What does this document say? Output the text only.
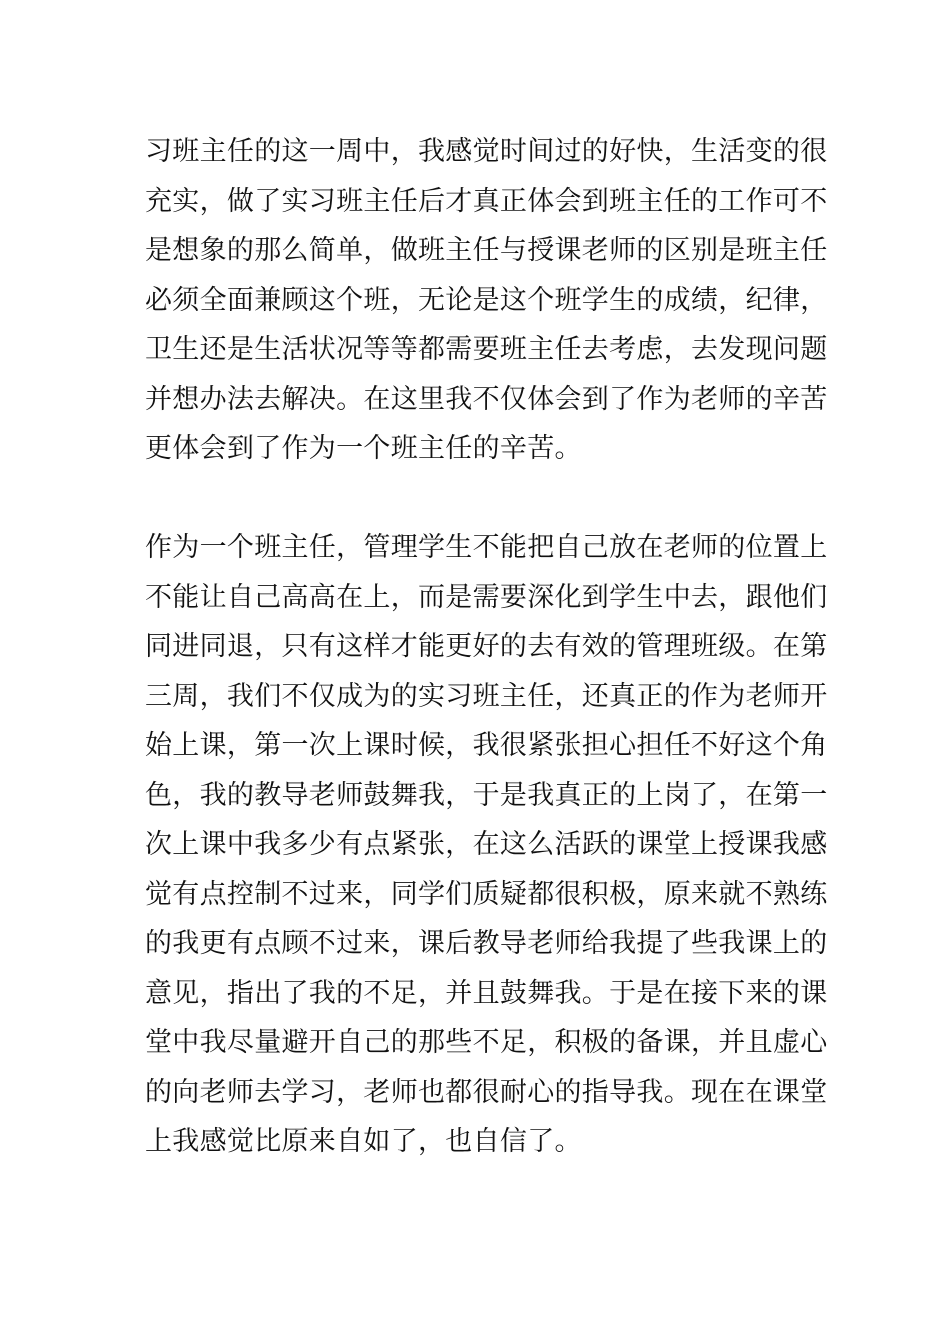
习班主任的这一周中，我感觉时间过的好快，生活变的很
充实，做了实习班主任后才真正体会到班主任的工作可不
是想象的那么简单，做班主任与授课老师的区别是班主任
必须全面兼顾这个班，无论是这个班学生的成绩，纪律，
卫生还是生活状况等等都需要班主任去考虑，去发现问题
并想办法去解决。在这里我不仅体会到了作为老师的辛苦
更体会到了作为一个班主任的辛苦。
作为一个班主任，管理学生不能把自己放在老师的位置上
不能让自己高高在上，而是需要深化到学生中去，跟他们
同进同退，只有这样才能更好的去有效的管理班级。在第
三周，我们不仅成为的实习班主任，还真正的作为老师开
始上课，第一次上课时候，我很紧张担心担任不好这个角
色，我的教导老师鼓舞我，于是我真正的上岗了，在第一
次上课中我多少有点紧张，在这么活跃的课堂上授课我感
觉有点控制不过来，同学们质疑都很积极，原来就不熟练
的我更有点顾不过来，课后教导老师给我提了些我课上的
意见，指出了我的不足，并且鼓舞我。于是在接下来的课
堂中我尽量避开自己的那些不足，积极的备课，并且虚心
的向老师去学习，老师也都很耐心的指导我。现在在课堂
上我感觉比原来自如了，也自信了。
